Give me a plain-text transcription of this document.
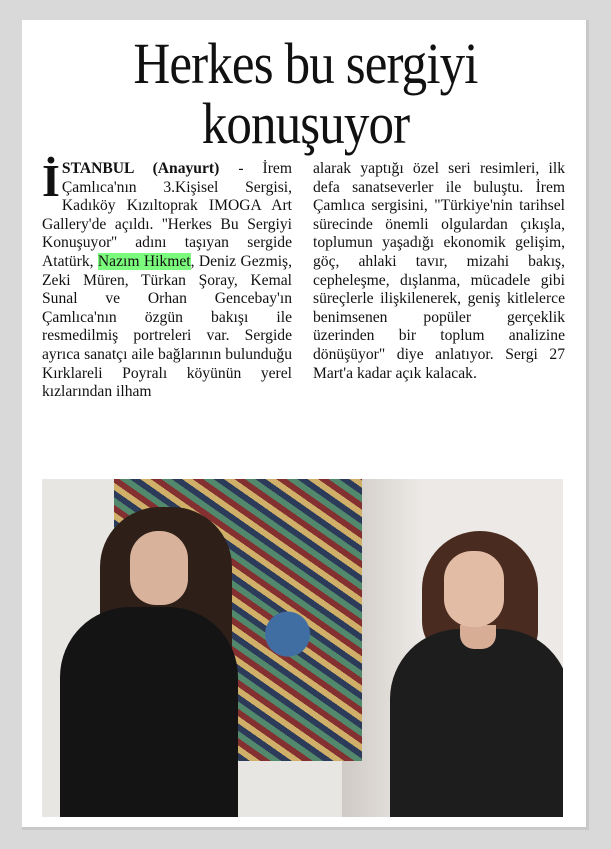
Herkes bu sergiyi
konuşuyor
İSTANBUL (Anayurt) - İrem Çamlıca'nın 3.Kişisel Sergisi, Kadıköy Kızıltoprak IMOGA Art Gallery'de açıldı. ''Herkes Bu Sergiyi Konuşuyor'' adını taşıyan sergide Atatürk, Nazım Hikmet, Deniz Gezmiş, Zeki Müren, Türkan Şoray, Kemal Sunal ve Orhan Gencebay'ın Çamlıca'nın özgün bakışı ile resmedilmiş portreleri var. Sergide ayrıca sanatçı aile bağlarının bulunduğu Kırklareli Poyralı köyünün yerel kızlarından ilham
alarak yaptığı özel seri resimleri, ilk defa sanatseverler ile buluştu. İrem Çamlıca sergisini, "Türkiye'nin tarihsel sürecinde önemli olgulardan çıkışla, toplumun yaşadığı ekonomik gelişim, göç, ahlaki tavır, mizahi bakış, cepheleşme, dışlanma, mücadele gibi süreçlerle ilişkilenerek, geniş kitlelerce benimsenen popüler gerçeklik üzerinden bir toplum analizine dönüşüyor" diye anlatıyor. Sergi 27 Mart'a kadar açık kalacak.
